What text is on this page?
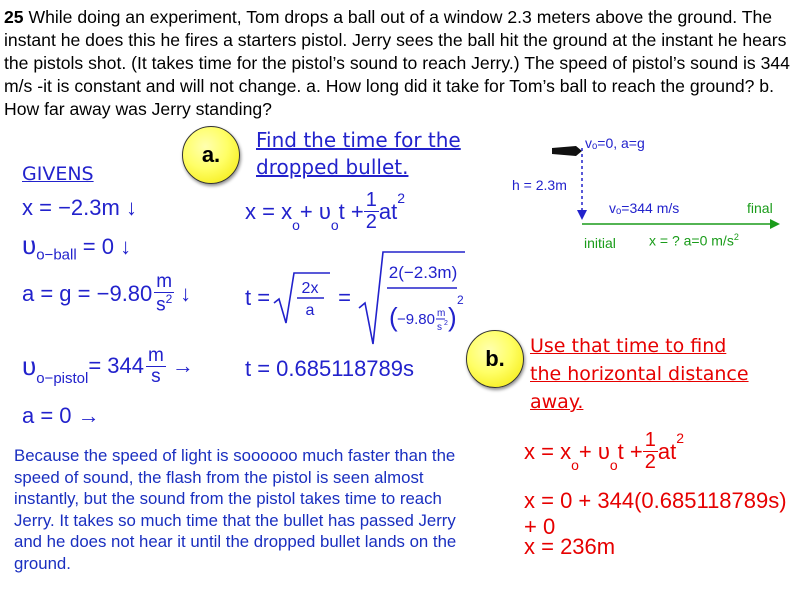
25 While doing an experiment, Tom drops a ball out of a window 2.3 meters above the ground. The instant he does this he fires a starters pistol. Jerry sees the ball hit the ground at the instant he hears the pistols shot. (It takes time for the pistol’s sound to reach Jerry.) The speed of pistol’s sound is 344 m/s -it is constant and will not change. a. How long did it take for Tom’s ball to reach the ground? b. How far away was Jerry standing?
a.
Find the time for the
dropped bullet.
GIVENS
x = −2.3m ↓
$\upsilon_{o-ball} = 0$ ↓
$a = g = -9.80 \frac{m}{s^2}$ ↓
$\upsilon_{o-pistol} = 344 \frac{m}{s}$ →
a = 0 →
x = x
$_o$
+ υ
$_o$
$t + \frac{1}{2}$ at
$^2$
t = 2x
a
=
2(−2.3m)
( −9.80 m
s 2 )
2
t = 0.685118789s
vₒ=0, a=g
h = 2.3m
vₒ=344 m/s	final
initial x = ? a=0 $m/s^2$
b. Use that time to find
the horizontal distance
away.
x = x
$_o$
+ υ
$_o$
$t + \frac{1}{2}$ at
$^2$
x = 0 + 344(0.685118789s) + 0
x = 236m
Because the speed of light is soooooo much faster than the speed of sound, the flash from the pistol is seen almost instantly, but the sound from the pistol takes time to reach Jerry. It takes so much time that the bullet has passed Jerry and he does not hear it until the dropped bullet lands on the ground.
